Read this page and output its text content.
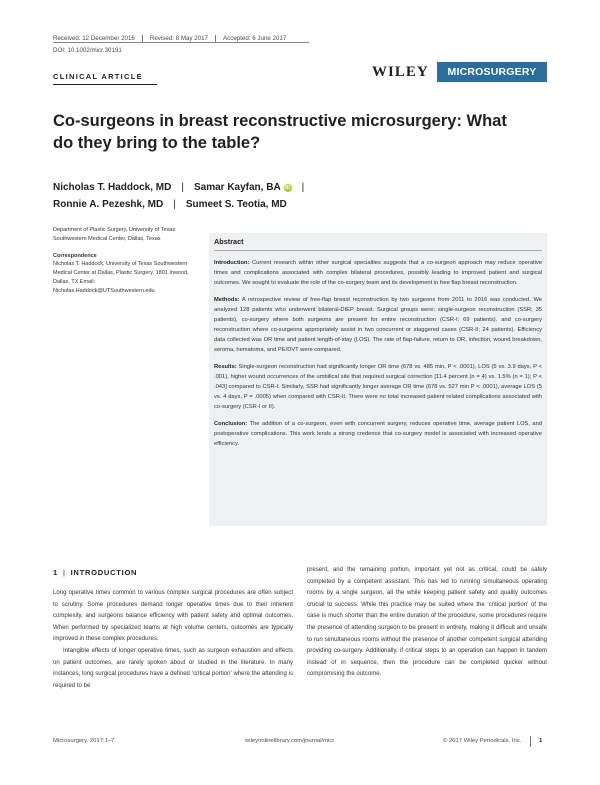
Received: 12 December 2016	Revised: 8 May 2017	Accepted: 6 June 2017
DOI: 10.1002/micr.30191
CLINICAL ARTICLE	WILEY	MICROSURGERY
Co-surgeons in breast reconstructive microsurgery: What do they bring to the table?
Nicholas T. Haddock, MD | Samar Kayfan, BA iD |
Ronnie A. Pezeshk, MD | Sumeet S. Teotia, MD
Department of Plastic Surgery, University of Texas Southwestern Medical Center, Dallas, Texas
Correspondence
Nicholas T. Haddock, University of Texas Southwestern Medical Center at Dallas, Plastic Surgery, 1801 Inwood, Dallas, TX Email: Nicholas.Haddock@UTSouthwestern.edu
Abstract

Introduction: Current research within other surgical specialties suggests that a co-surgeon approach may reduce operative times and complications associated with complex bilateral procedures, possibly leading to improved patient and surgical outcomes. We sought to evaluate the role of the co-surgery team and its development in free flap breast reconstruction.

Methods: A retrospective review of free-flap breast reconstruction by two surgeons from 2011 to 2016 was conducted. We analyzed 128 patients who underwent bilateral-DIEP breast. Surgical groups were: single-surgeon reconstruction (SSR; 35 patients), co-surgery where both surgeons are present for entire reconstruction (CSR-I; 69 patients), and co-surgery reconstruction where co-surgeons appropriately assist in two concurrent or staggered cases (CSR-II; 24 patients). Efficiency data collected was OR time and patient length-of-stay (LOS). The rate of flap-failure, return to OR, infection, wound breakdown, seroma, hematoma, and PE/DVT were compared.

Results: Single-surgeon reconstruction had significantly longer OR time (678 vs. 485 min, P < .0001), LOS (5 vs. 3.9 days, P < .001), higher wound occurrences of the umbilical site that required surgical correction [11.4 percent (n = 4) vs. 1.5% (n = 1); P < .043] compared to CSR-I. Similarly, SSR had significantly longer average OR time (678 vs. 527 min P < .0001), average LOS (5 vs. 4 days, P = .0005) when compared with CSR-II. There were no total increased patient related complications associated with co-surgery (CSR-I or II).

Conclusion: The addition of a co-surgeon, even with concurrent surgery, reduces operative time, average patient LOS, and postoperative complications. This work lends a strong credence that co-surgery model is associated with increased operative efficiency.

1 | INTRODUCTION

Long operative times common to various complex surgical procedures are often subject to scrutiny. Some procedures demand longer operative times due to their inherent complexity, and surgeons balance efficiency with patient safety and optimal outcomes. When performed by specialized teams at high volume centers, outcomes are typically improved in these complex procedures.

Intangible effects of longer operative times, such as surgeon exhaustion and effects on patient outcomes, are rarely spoken about or studied in the literature. In many instances, long surgical procedures have a defined ‘critical portion’ where the attending is required to be

present, and the remaining portion, important yet not as critical, could be safely completed by a competent assistant. This has led to running simultaneous operating rooms by a single surgeon, all the while keeping patient safety and quality outcomes crucial to success. While this practice may be suited where the ‘critical portion’ of the case is much shorter than the entire duration of the procedure, some procedures require the presence of attending surgeon to be present in entirety, making it difficult and unsafe to run simultaneous rooms without the presence of another competent surgical attending providing co-surgery. Additionally, if critical steps to an operation can happen in tandem instead of in sequence, then the procedure can be completed quicker without compromising the outcome.

Microsurgery. 2017;1–7.	wileyonlinelibrary.com/journal/micr	© 2017 Wiley Periodicals, Inc.	1
